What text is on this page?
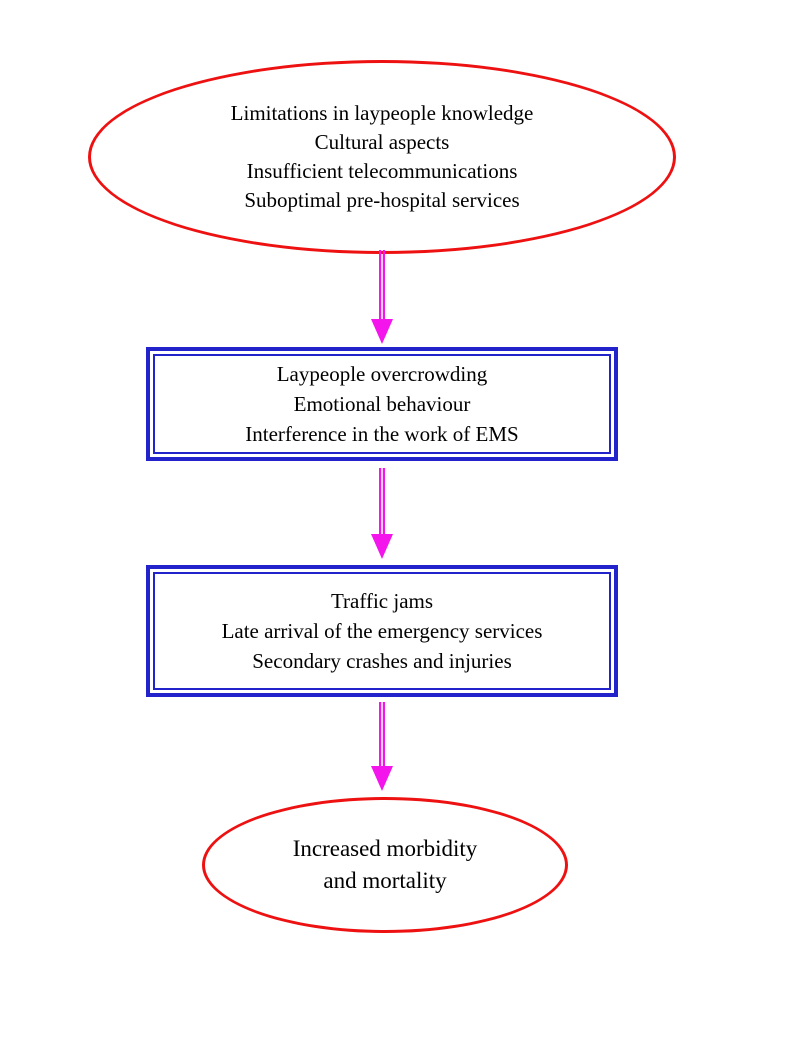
Limitations in laypeople knowledge
Cultural aspects
Insufficient telecommunications
Suboptimal pre-hospital services
Laypeople overcrowding
Emotional behaviour
Interference in the work of EMS
Traffic jams
Late arrival of the emergency services
Secondary crashes and injuries
Increased morbidity
and mortality
